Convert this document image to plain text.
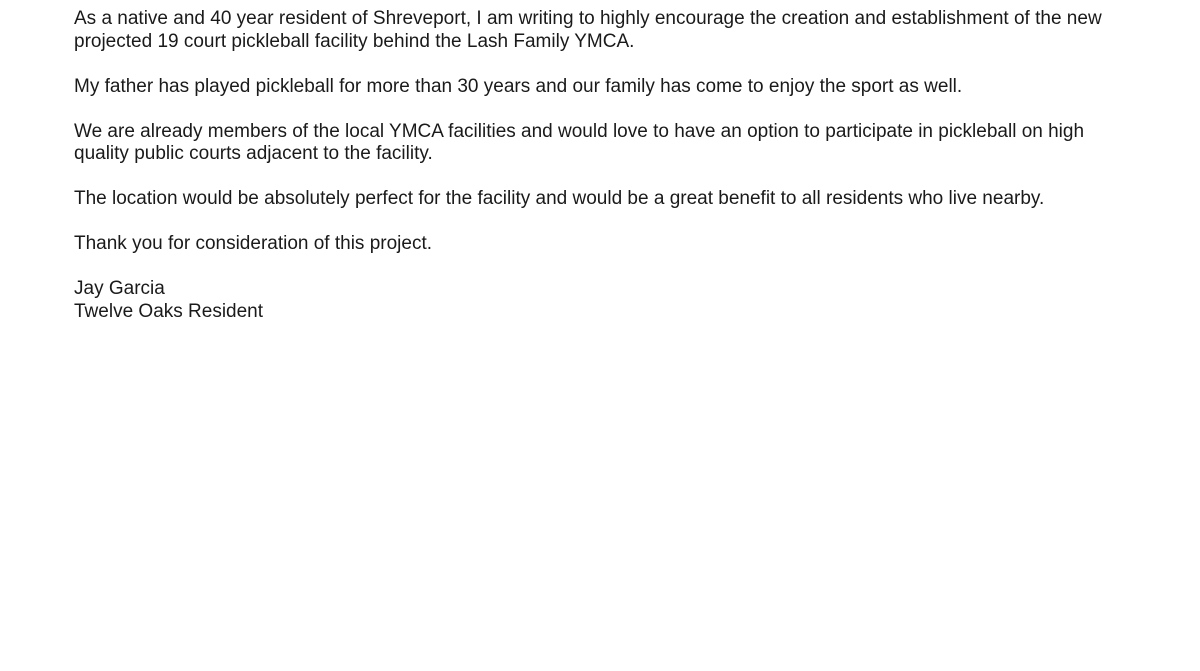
As a native and 40 year resident of Shreveport, I am writing to highly encourage the creation and establishment of the new projected 19 court pickleball facility behind the Lash Family YMCA.

My father has played pickleball for more than 30 years and our family has come to enjoy the sport as well.

We are already members of the local YMCA facilities and would love to have an option to participate in pickleball on high quality public courts adjacent to the facility.

The location would be absolutely perfect for the facility and would be a great benefit to all residents who live nearby.

Thank you for consideration of this project.

Jay Garcia
Twelve Oaks Resident
